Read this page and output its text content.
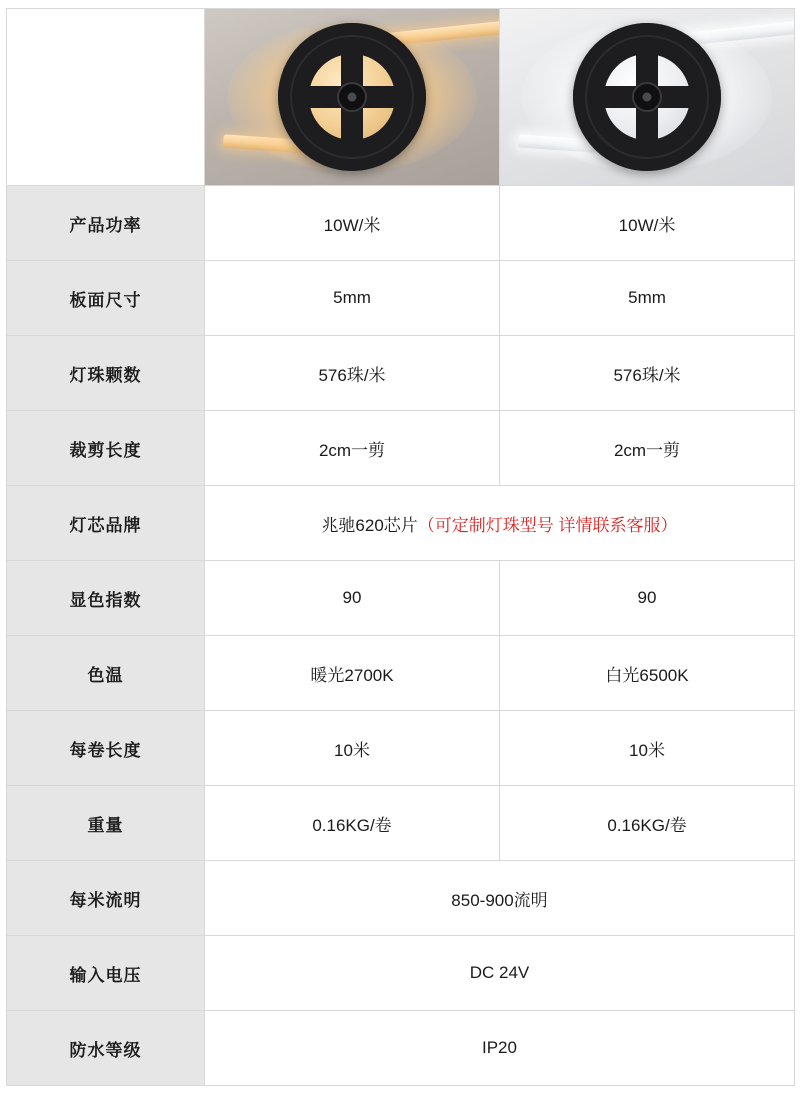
产品功率	10W/米	10W/米
板面尺寸	5mm	5mm
灯珠颗数	576珠/米	576珠/米
裁剪长度	2cm一剪	2cm一剪
灯芯品牌	兆驰620芯片（可定制灯珠型号 详情联系客服）	
显色指数	90	90
色温	暖光2700K	白光6500K
每卷长度	10米	10米
重量	0.16KG/卷	0.16KG/卷
每米流明	850-900流明	
输入电压	DC 24V	
防水等级	IP20	
